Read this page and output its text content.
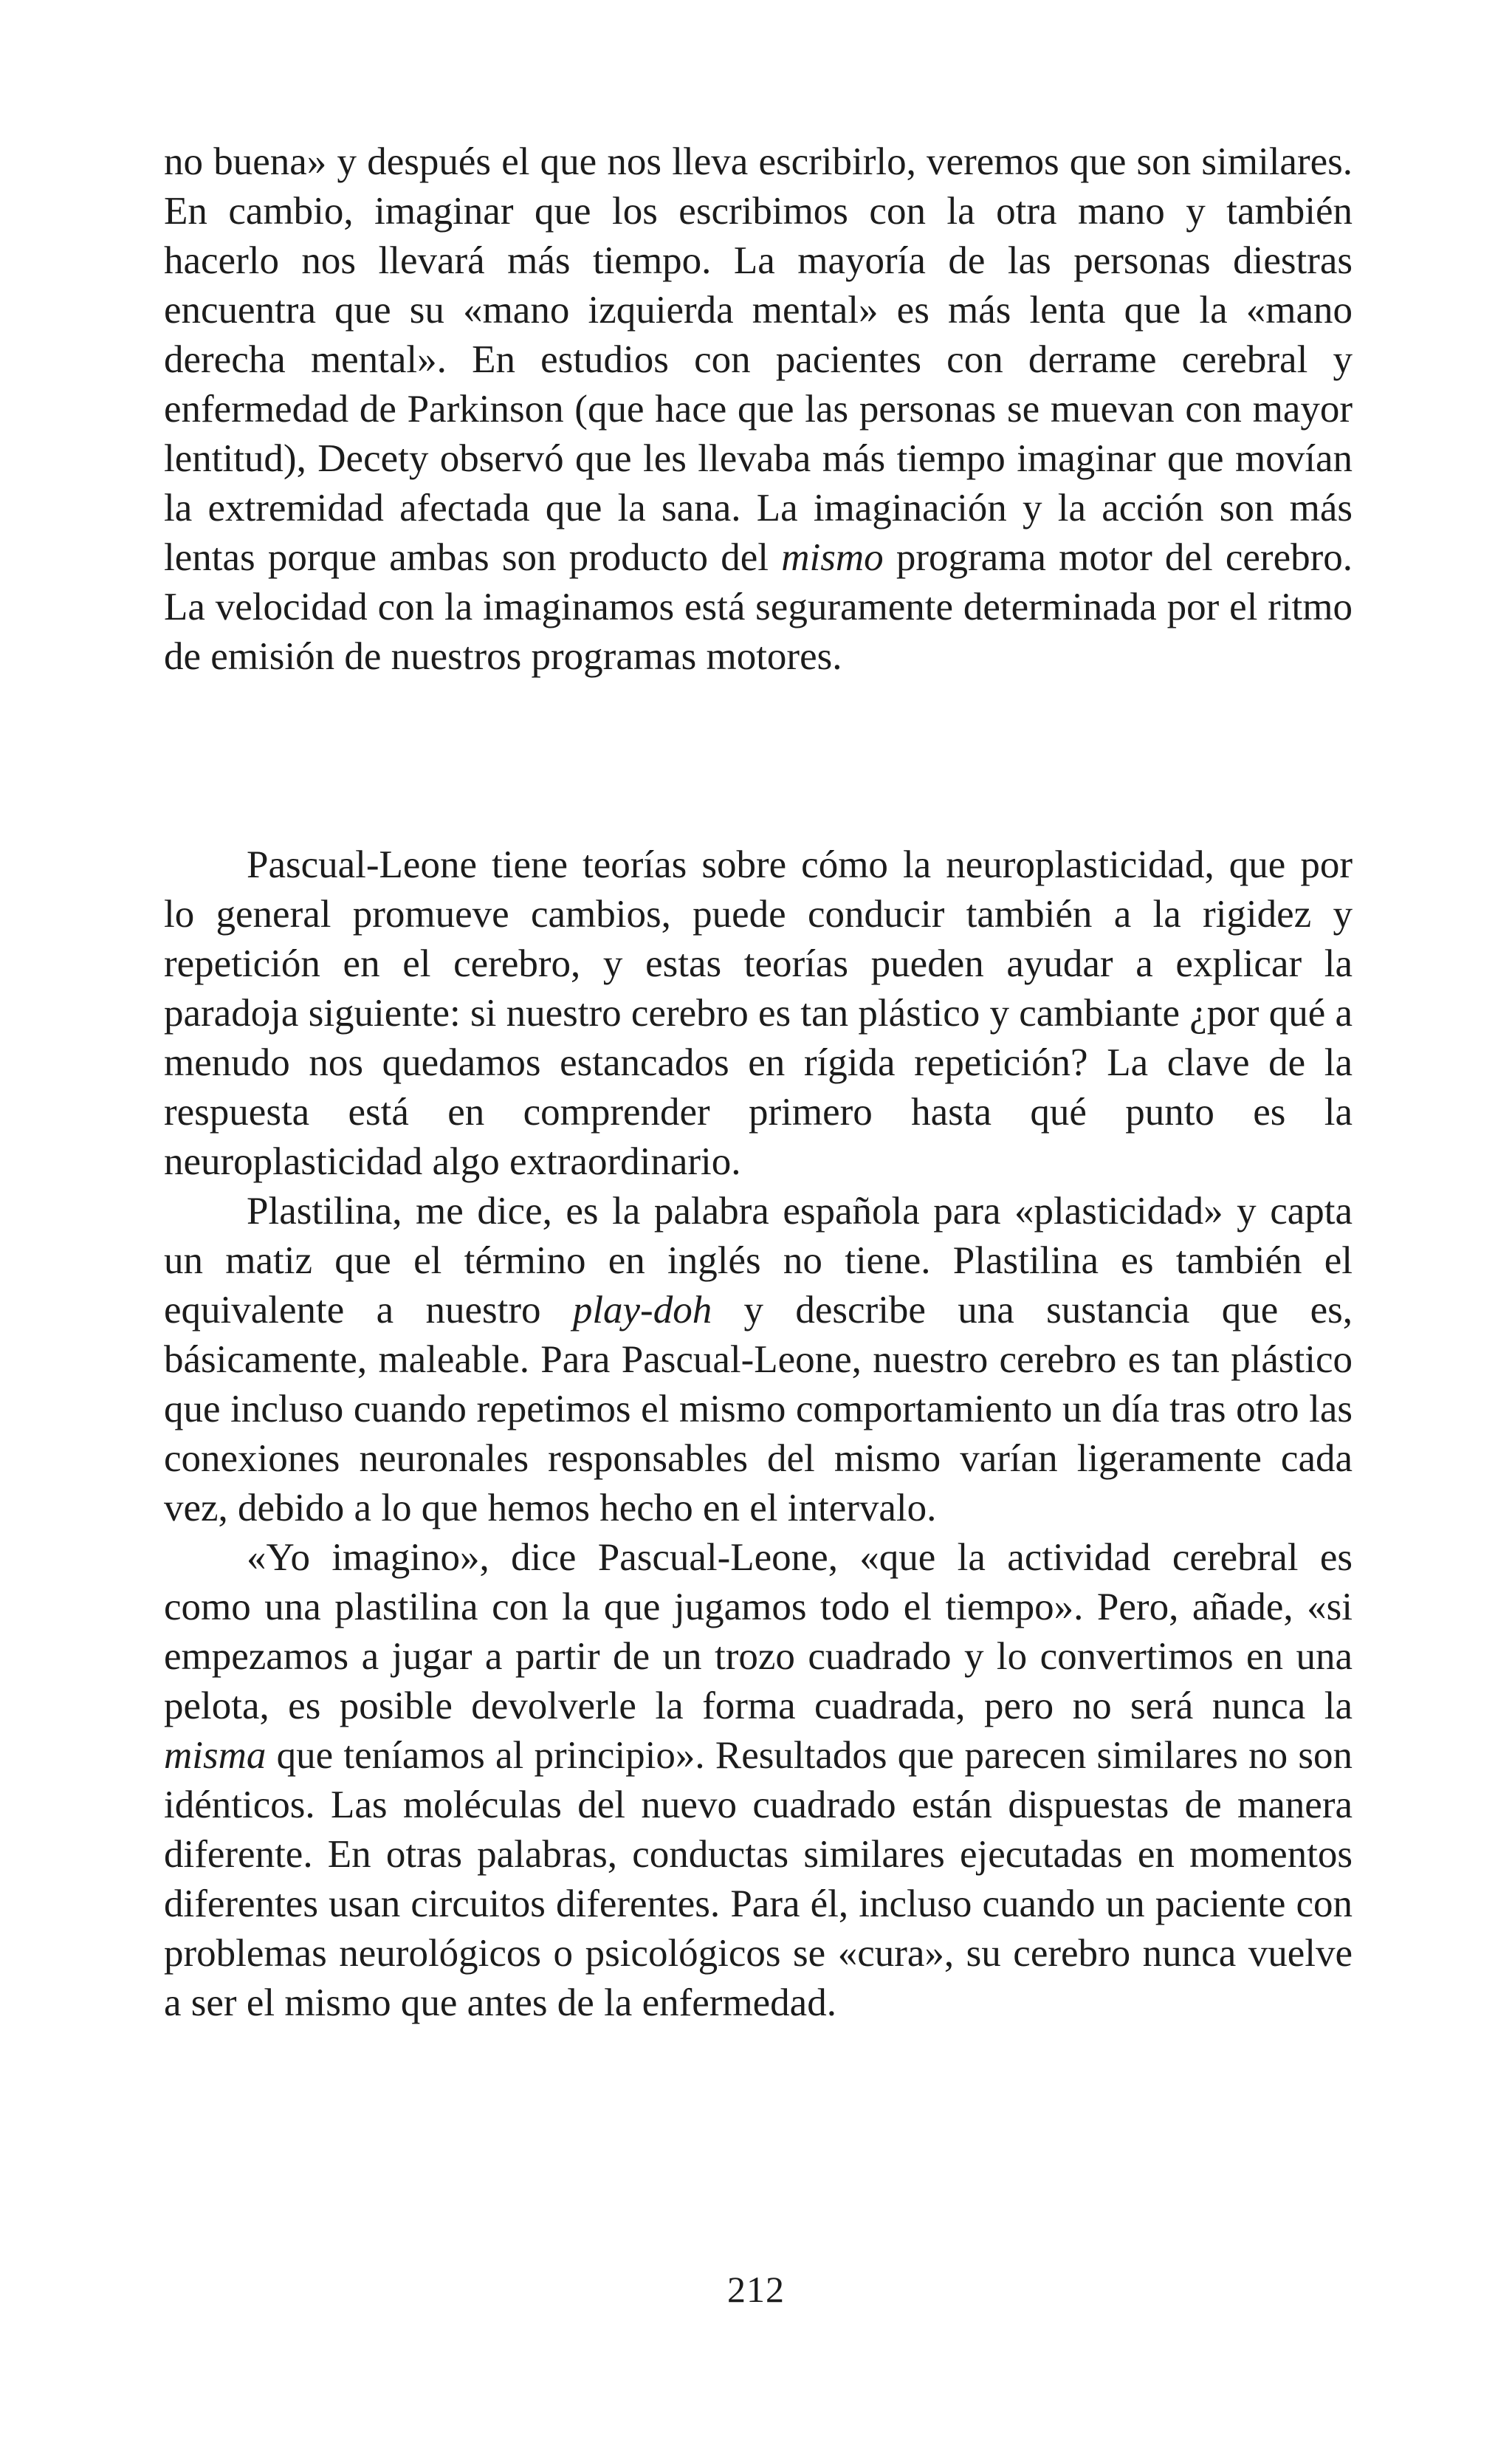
no buena» y después el que nos lleva escribirlo, veremos que son similares. En cambio, imaginar que los escribimos con la otra mano y también hacerlo nos llevará más tiempo. La mayoría de las personas diestras encuentra que su «mano izquierda mental» es más lenta que la «mano derecha mental». En estudios con pacientes con derrame cerebral y enfermedad de Parkinson (que hace que las personas se muevan con mayor lentitud), Decety observó que les llevaba más tiempo imaginar que movían la extremidad afectada que la sana. La imaginación y la acción son más lentas porque ambas son producto del mismo programa motor del cerebro. La velocidad con la imaginamos está seguramente determinada por el ritmo de emisión de nuestros programas motores.

Pascual-Leone tiene teorías sobre cómo la neuroplasticidad, que por lo general promueve cambios, puede conducir también a la rigidez y repetición en el cerebro, y estas teorías pueden ayudar a explicar la paradoja siguiente: si nuestro cerebro es tan plástico y cambiante ¿por qué a menudo nos quedamos estancados en rígida repetición? La clave de la respuesta está en comprender primero hasta qué punto es la neuroplasticidad algo extraordinario.

Plastilina, me dice, es la palabra española para «plasticidad» y capta un matiz que el término en inglés no tiene. Plastilina es también el equivalente a nuestro play-doh y describe una sustancia que es, básicamente, maleable. Para Pascual-Leone, nuestro cerebro es tan plástico que incluso cuando repetimos el mismo comportamiento un día tras otro las conexiones neuronales responsables del mismo varían ligeramente cada vez, debido a lo que hemos hecho en el intervalo.

«Yo imagino», dice Pascual-Leone, «que la actividad cerebral es como una plastilina con la que jugamos todo el tiempo». Pero, añade, «si empezamos a jugar a partir de un trozo cuadrado y lo convertimos en una pelota, es posible devolverle la forma cuadrada, pero no será nunca la misma que teníamos al principio». Resultados que parecen similares no son idénticos. Las moléculas del nuevo cuadrado están dispuestas de manera diferente. En otras palabras, conductas similares ejecutadas en momentos diferentes usan circuitos diferentes. Para él, incluso cuando un paciente con problemas neurológicos o psicológicos se «cura», su cerebro nunca vuelve a ser el mismo que antes de la enfermedad.

212
